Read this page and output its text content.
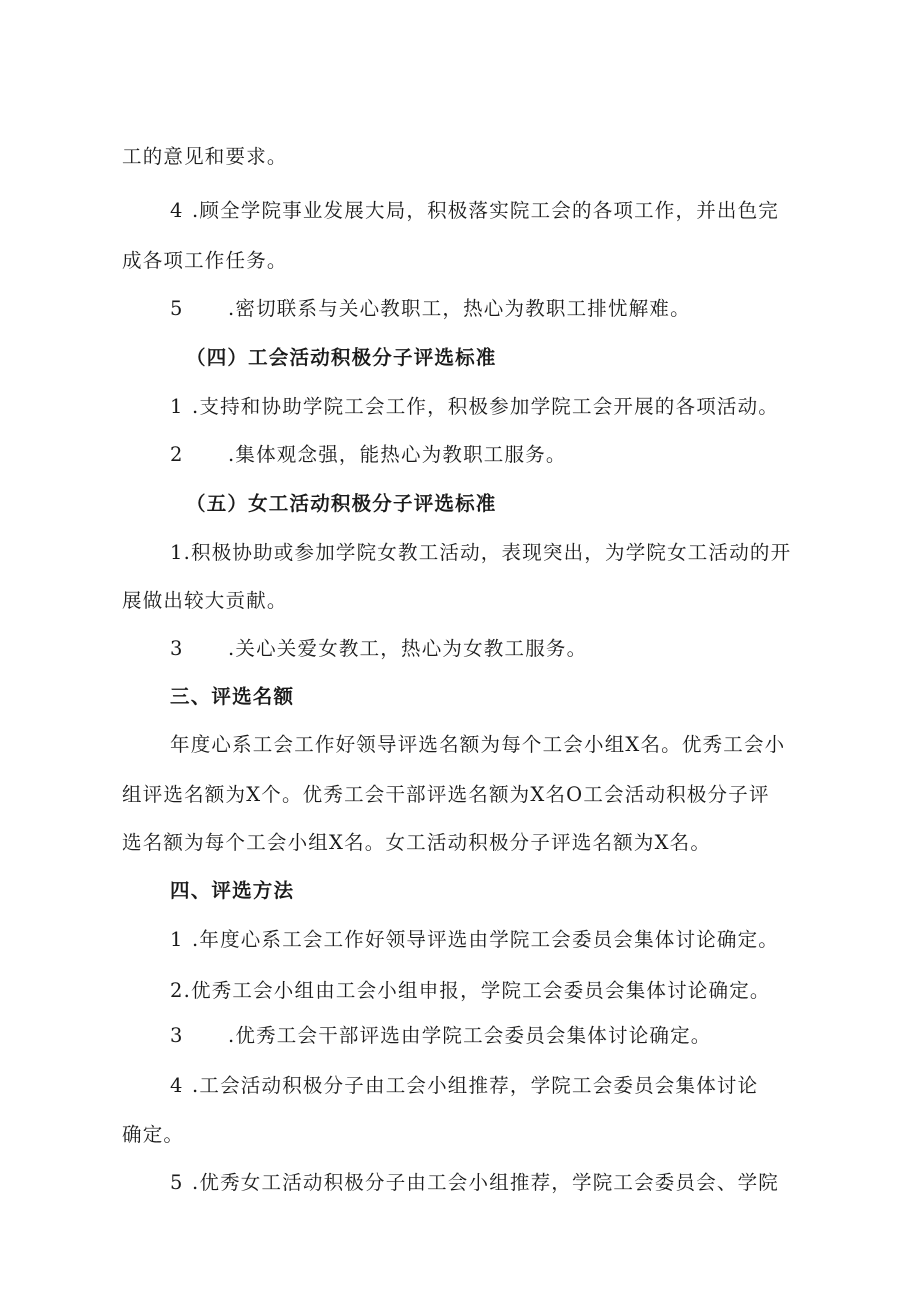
工的意见和要求。
4 .顾全学院事业发展大局，积极落实院工会的各项工作，并出色完
成各项工作任务。
5 .密切联系与关心教职工，热心为教职工排忧解难。
（四）工会活动积极分子评选标准
1 .支持和协助学院工会工作，积极参加学院工会开展的各项活动。
2 .集体观念强，能热心为教职工服务。
（五）女工活动积极分子评选标准
1.积极协助或参加学院女教工活动，表现突出，为学院女工活动的开
展做出较大贡献。
3 .关心关爱女教工，热心为女教工服务。
三、评选名额
年度心系工会工作好领导评选名额为每个工会小组X名。优秀工会小
组评选名额为X个。优秀工会干部评选名额为X名O工会活动积极分子评
选名额为每个工会小组X名。女工活动积极分子评选名额为X名。
四、评选方法
1 .年度心系工会工作好领导评选由学院工会委员会集体讨论确定。
2.优秀工会小组由工会小组申报，学院工会委员会集体讨论确定。
3 .优秀工会干部评选由学院工会委员会集体讨论确定。
4 .工会活动积极分子由工会小组推荐，学院工会委员会集体讨论
确定。
5 .优秀女工活动积极分子由工会小组推荐，学院工会委员会、学院
